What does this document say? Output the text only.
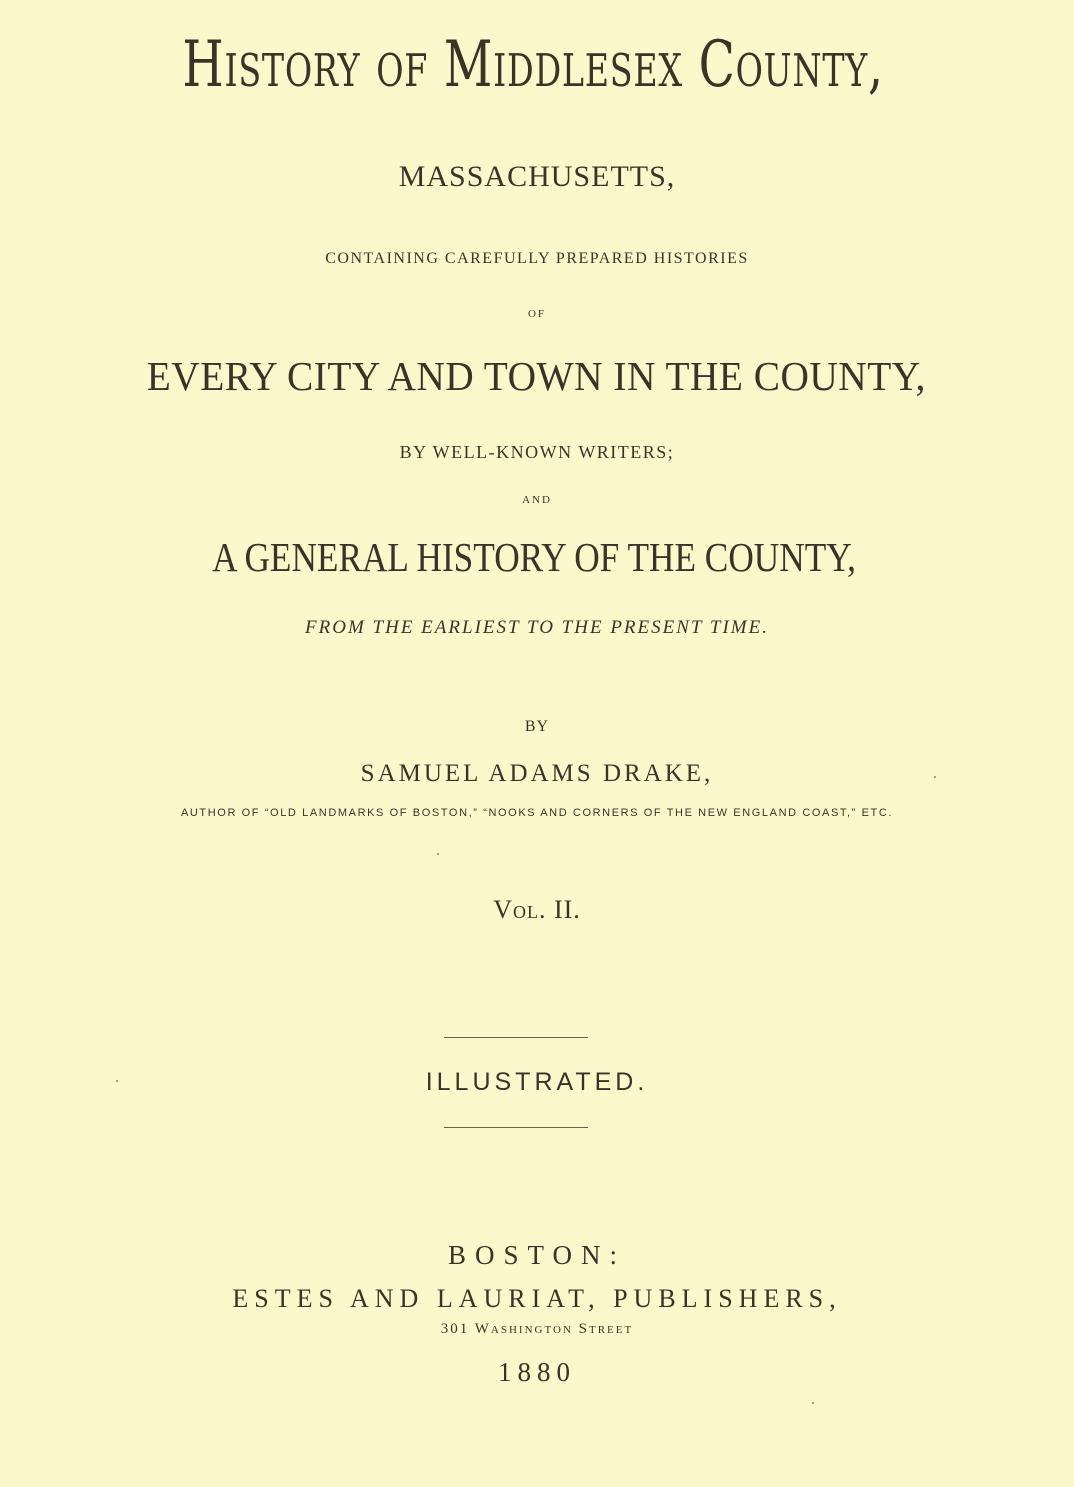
History of Middlesex County,
MASSACHUSETTS,
CONTAINING CAREFULLY PREPARED HISTORIES
OF
EVERY CITY AND TOWN IN THE COUNTY,
BY WELL-KNOWN WRITERS;
AND
A GENERAL HISTORY OF THE COUNTY,
FROM THE EARLIEST TO THE PRESENT TIME.
BY
SAMUEL ADAMS DRAKE,
AUTHOR OF “OLD LANDMARKS OF BOSTON,” “NOOKS AND CORNERS OF THE NEW ENGLAND COAST,” ETC.
Vol. II.
ILLUSTRATED.
BOSTON:
ESTES AND LAURIAT, PUBLISHERS,
301 Washington Street
1880
